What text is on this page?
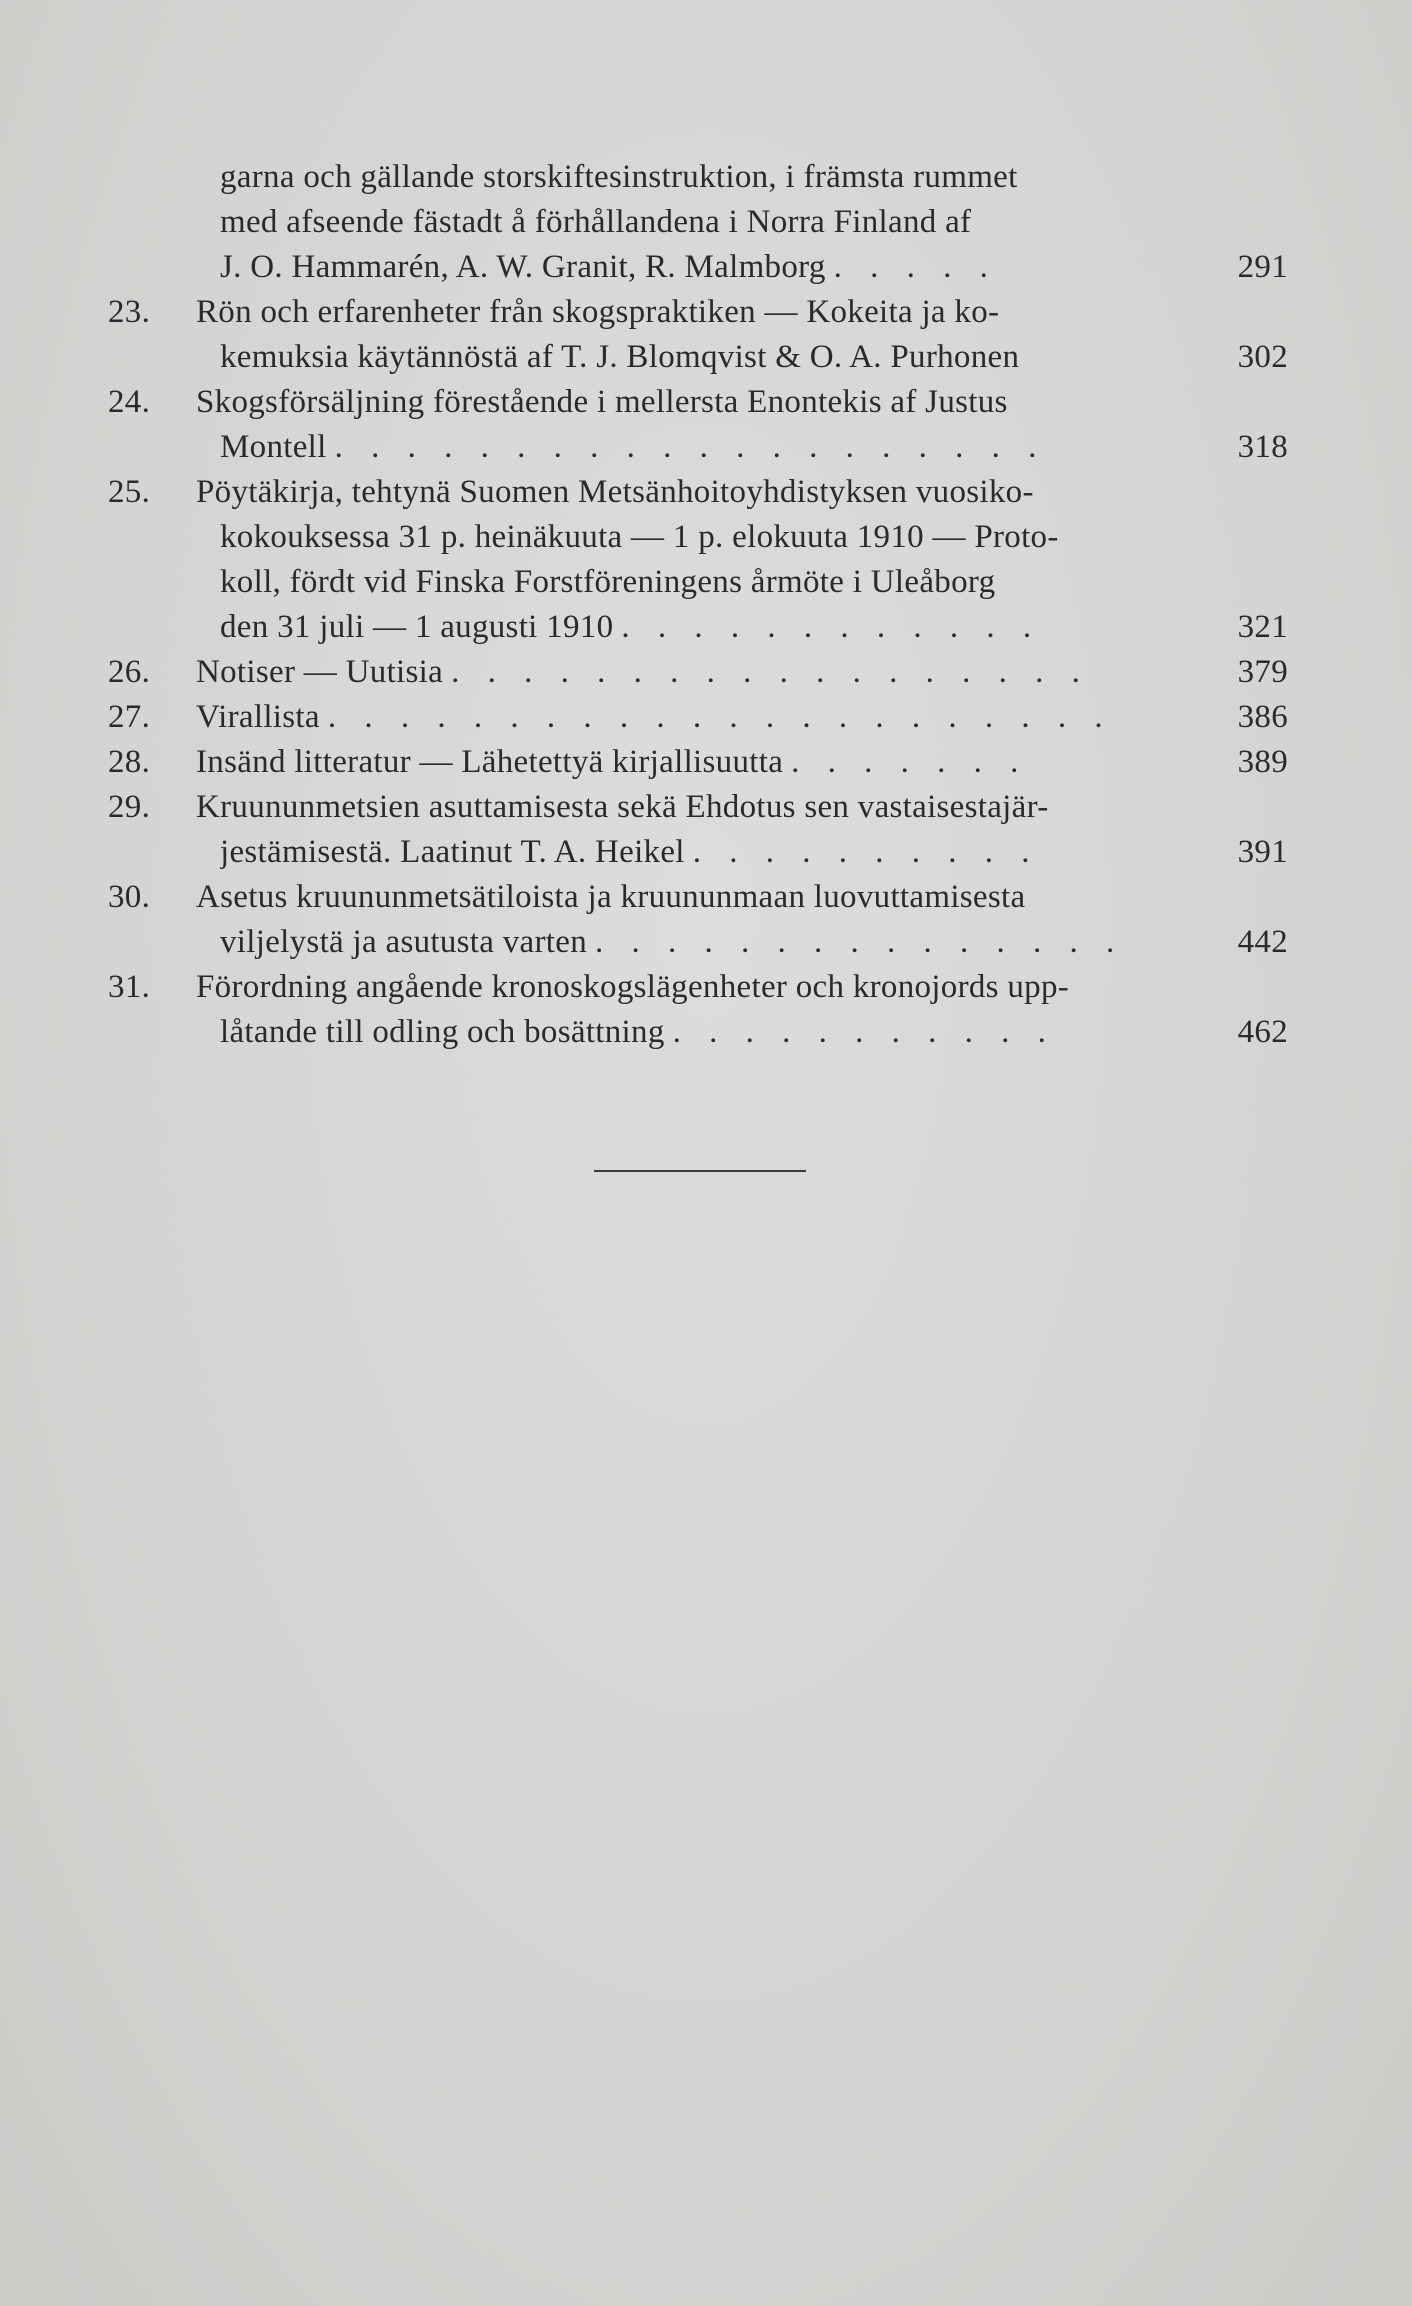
garna och gällande storskiftesinstruktion, i främsta rummet
med afseende fästadt å förhållandena i Norra Finland af
J. O. Hammarén, A. W. Granit, R. Malmborg . . . . .	291
23.	Rön och erfarenheter från skogspraktiken — Kokeita ja ko-
kemuksia käytännöstä af T. J. Blomqvist & O. A. Purhonen	302
24.	Skogsförsäljning förestående i mellersta Enontekis af Justus
Montell . . . . . . . . . . . . . . . . . . . .	318
25.	Pöytäkirja, tehtynä Suomen Metsänhoitoyhdistyksen vuosiko-
kokouksessa 31 p. heinäkuuta — 1 p. elokuuta 1910 — Proto-
koll, fördt vid Finska Forstföreningens årmöte i Uleåborg
den 31 juli — 1 augusti 1910 . . . . . . . . . . . .	321
26.	Notiser — Uutisia . . . . . . . . . . . . . . . . . .	379
27.	Virallista . . . . . . . . . . . . . . . . . . . . . .	386
28.	Insänd litteratur — Lähetettyä kirjallisuutta . . . . . . .	389
29.	Kruununmetsien asuttamisesta sekä Ehdotus sen vastaisestajär-
jestämisestä. Laatinut T. A. Heikel . . . . . . . . . .	391
30.	Asetus kruununmetsätiloista ja kruununmaan luovuttamisesta
viljelystä ja asutusta varten . . . . . . . . . . . . . . .	442
31.	Förordning angående kronoskogslägenheter och kronojords upp-
låtande till odling och bosättning . . . . . . . . . . .	462
